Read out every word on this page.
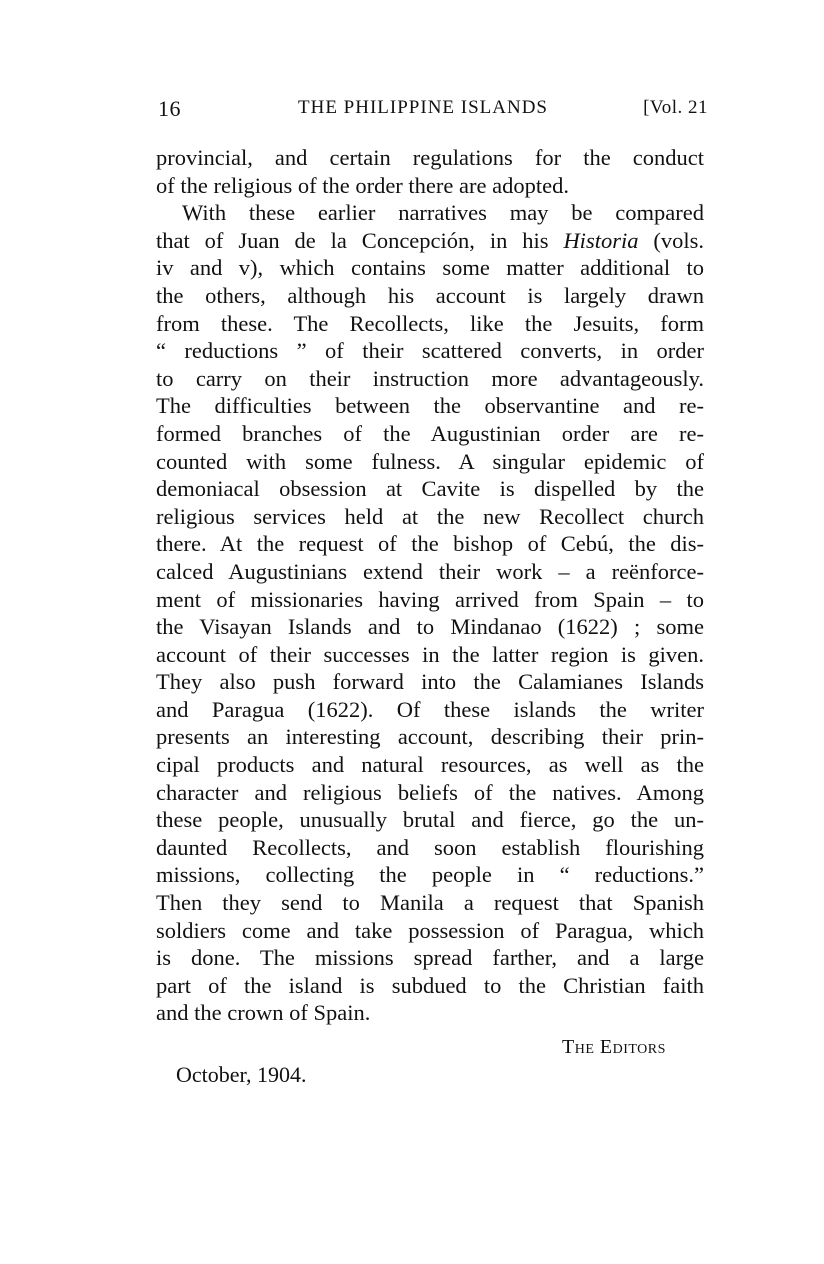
16	THE PHILIPPINE ISLANDS	[Vol. 21
provincial, and certain regulations for the conduct
of the religious of the order there are adopted.
With these earlier narratives may be compared
that of Juan de la Concepción, in his Historia (vols.
iv and v), which contains some matter additional to
the others, although his account is largely drawn
from these. The Recollects, like the Jesuits, form
“ reductions ” of their scattered converts, in order
to carry on their instruction more advantageously.
The difficulties between the observantine and re-
formed branches of the Augustinian order are re-
counted with some fulness. A singular epidemic of
demoniacal obsession at Cavite is dispelled by the
religious services held at the new Recollect church
there. At the request of the bishop of Cebú, the dis-
calced Augustinians extend their work – a reënforce-
ment of missionaries having arrived from Spain – to
the Visayan Islands and to Mindanao (1622) ; some
account of their successes in the latter region is given.
They also push forward into the Calamianes Islands
and Paragua (1622). Of these islands the writer
presents an interesting account, describing their prin-
cipal products and natural resources, as well as the
character and religious beliefs of the natives. Among
these people, unusually brutal and fierce, go the un-
daunted Recollects, and soon establish flourishing
missions, collecting the people in “ reductions.”
Then they send to Manila a request that Spanish
soldiers come and take possession of Paragua, which
is done. The missions spread farther, and a large
part of the island is subdued to the Christian faith
and the crown of Spain.
The Editors
October, 1904.
